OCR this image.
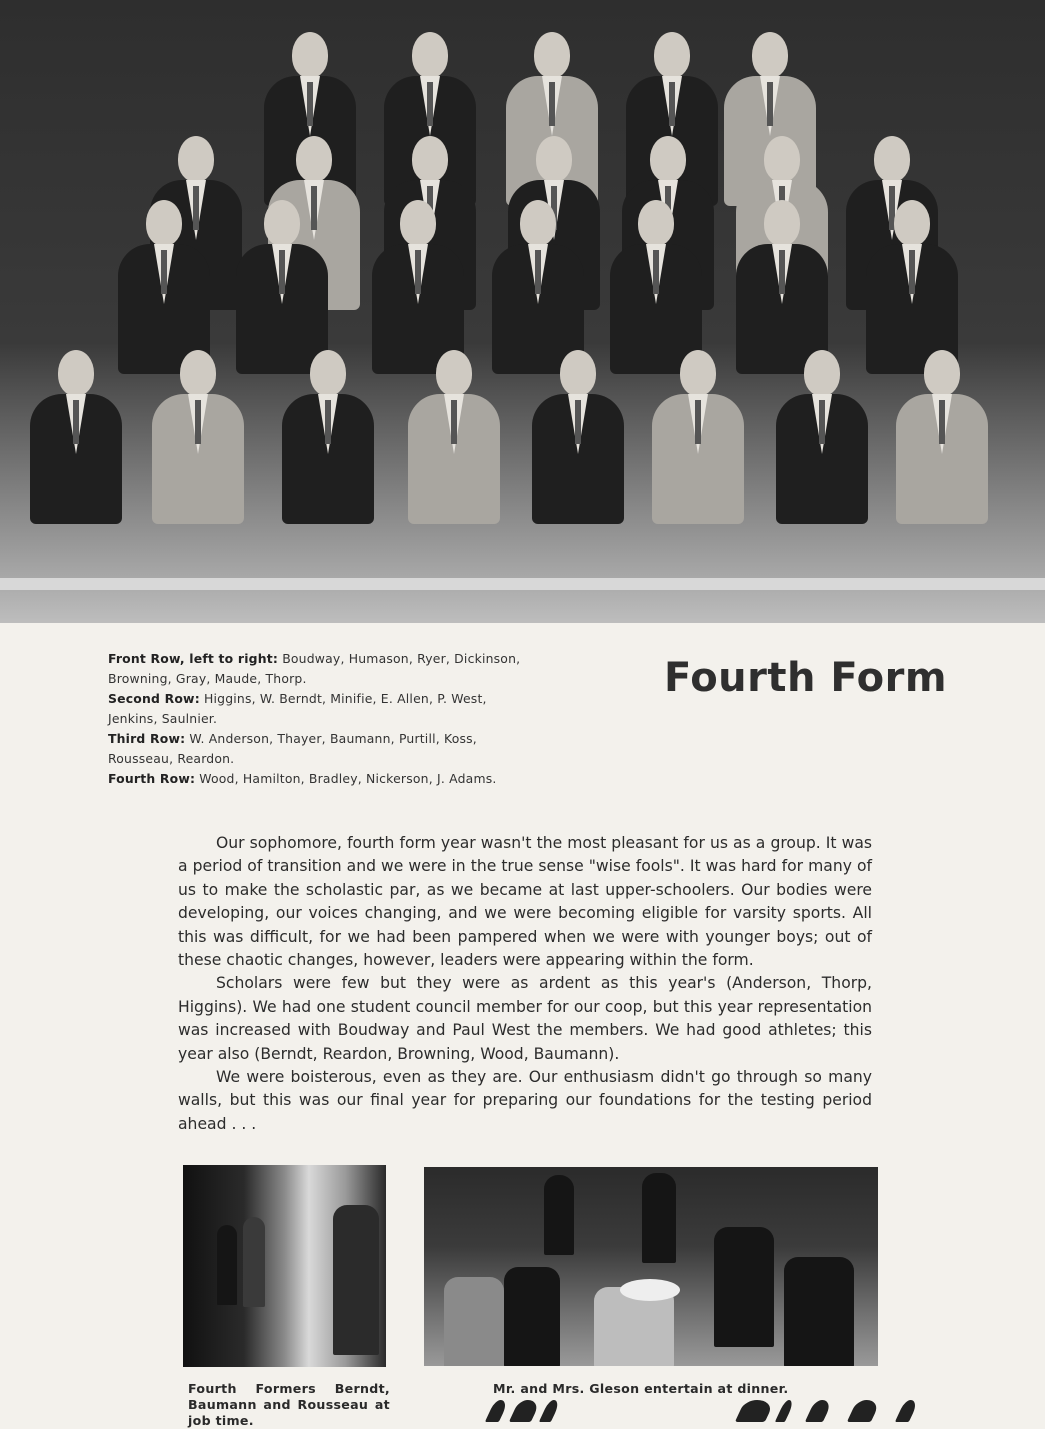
Front Row, left to right: Boudway, Humason, Ryer, Dickinson, Browning, Gray, Maude, Thorp.

Second Row: Higgins, W. Berndt, Minifie, E. Allen, P. West, Jenkins, Saulnier.

Third Row: W. Anderson, Thayer, Baumann, Purtill, Koss, Rousseau, Reardon.

Fourth Row: Wood, Hamilton, Bradley, Nickerson, J. Adams.

Fourth Form

Our sophomore, fourth form year wasn't the most pleasant for us as a group. It was a period of transition and we were in the true sense "wise fools". It was hard for many of us to make the scholastic par, as we became at last upper-schoolers. Our bodies were developing, our voices changing, and we were becoming eligible for varsity sports. All this was difficult, for we had been pampered when we were with younger boys; out of these chaotic changes, however, leaders were appearing within the form.

Scholars were few but they were as ardent as this year's (Anderson, Thorp, Higgins). We had one student council member for our coop, but this year representation was increased with Boudway and Paul West the members. We had good athletes; this year also (Berndt, Reardon, Browning, Wood, Baumann).

We were boisterous, even as they are. Our enthusiasm didn't go through so many walls, but this was our final year for preparing our foundations for the testing period ahead . . .

Fourth Formers Berndt, Baumann and Rousseau at job time.
Mr. and Mrs. Gleson entertain at dinner.
